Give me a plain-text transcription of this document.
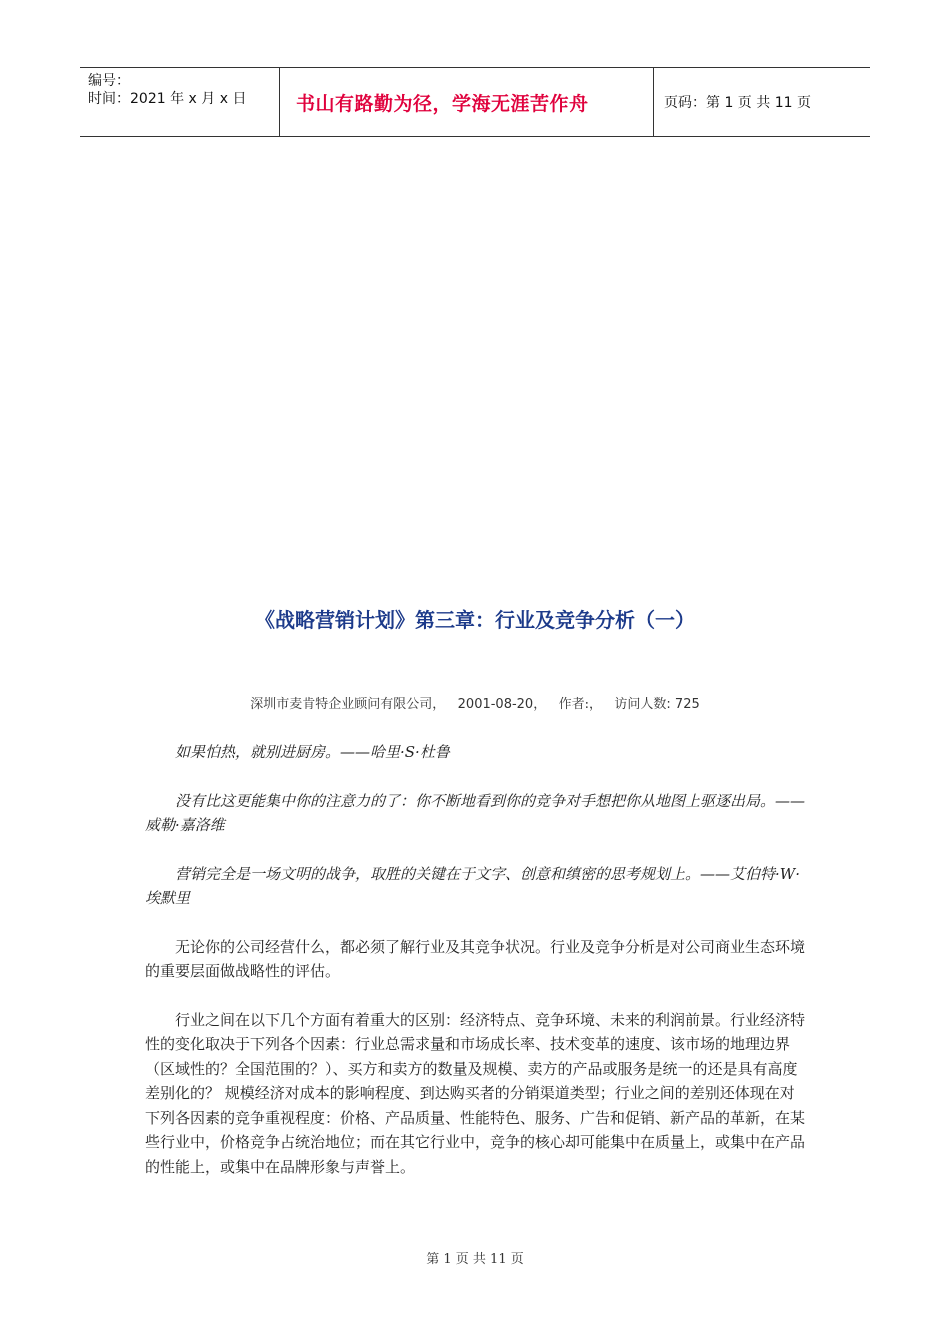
编号：
时间：2021 年 x 月 x 日	书山有路勤为径，学海无涯苦作舟	页码：第 1 页 共 11 页
《战略营销计划》第三章：行业及竞争分析（一）
深圳市麦肯特企业顾问有限公司， 2001-08-20， 作者:， 访问人数: 725

如果怕热，就别进厨房。——哈里·S·杜鲁

没有比这更能集中你的注意力的了：你不断地看到你的竞争对手想把你从地图上驱逐出局。——威勒·嘉洛维

营销完全是一场文明的战争，取胜的关键在于文字、创意和缜密的思考规划上。——艾伯特·W·埃默里

无论你的公司经营什么，都必须了解行业及其竞争状况。行业及竞争分析是对公司商业生态环境的重要层面做战略性的评估。

行业之间在以下几个方面有着重大的区别：经济特点、竞争环境、未来的利润前景。行业经济特性的变化取决于下列各个因素：行业总需求量和市场成长率、技术变革的速度、该市场的地理边界（区域性的？全国范围的？）、买方和卖方的数量及规模、卖方的产品或服务是统一的还是具有高度差别化的？ 规模经济对成本的影响程度、到达购买者的分销渠道类型；行业之间的差别还体现在对下列各因素的竞争重视程度：价格、产品质量、性能特色、服务、广告和促销、新产品的革新，在某些行业中，价格竞争占统治地位；而在其它行业中，竞争的核心却可能集中在质量上，或集中在产品的性能上，或集中在品牌形象与声誉上。

第 1 页 共 11 页
